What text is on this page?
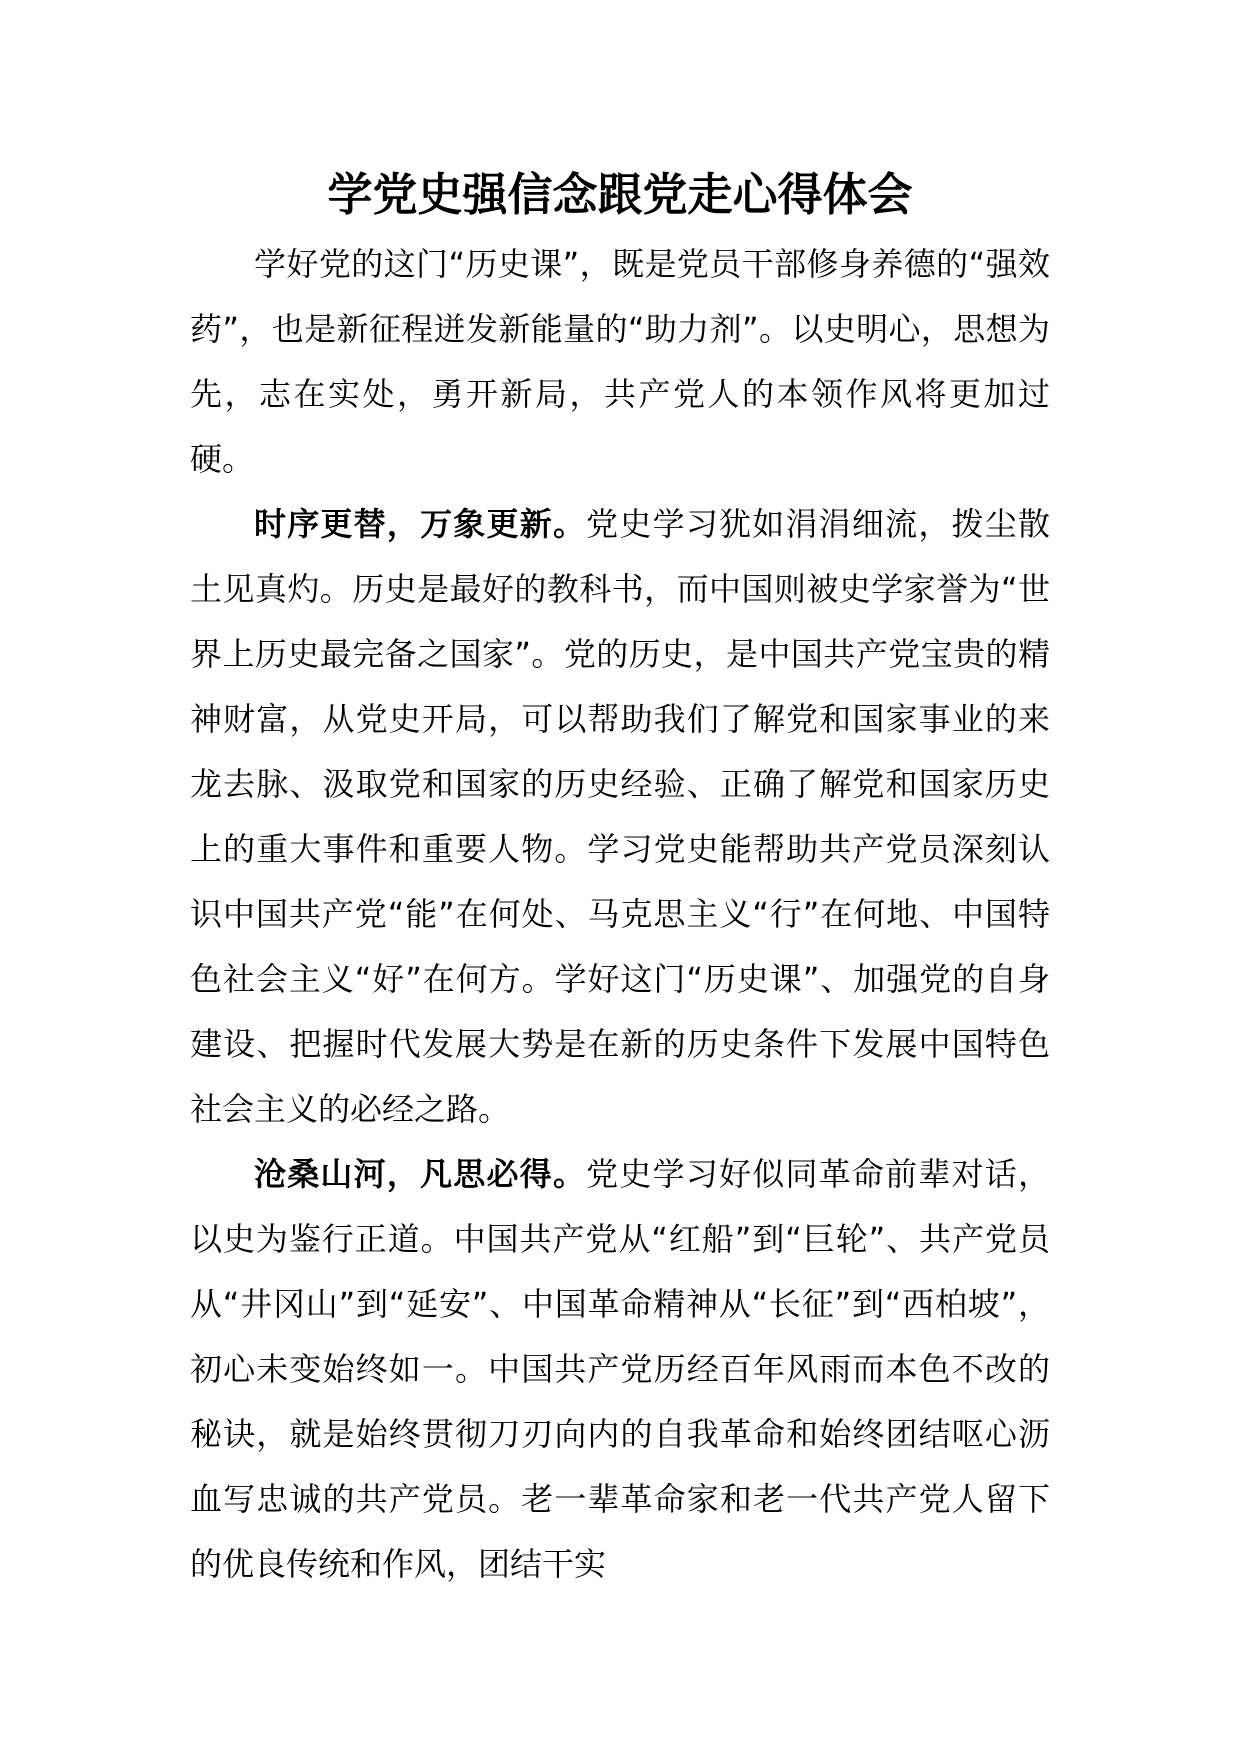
学党史强信念跟党走心得体会

学好党的这门“历史课”，既是党员干部修身养德的“强效药”，也是新征程迸发新能量的“助力剂”。以史明心，思想为先，志在实处，勇开新局，共产党人的本领作风将更加过硬。

时序更替，万象更新。党史学习犹如涓涓细流，拨尘散土见真灼。历史是最好的教科书，而中国则被史学家誉为“世界上历史最完备之国家”。党的历史，是中国共产党宝贵的精神财富，从党史开局，可以帮助我们了解党和国家事业的来龙去脉、汲取党和国家的历史经验、正确了解党和国家历史上的重大事件和重要人物。学习党史能帮助共产党员深刻认识中国共产党“能”在何处、马克思主义“行”在何地、中国特色社会主义“好”在何方。学好这门“历史课”、加强党的自身建设、把握时代发展大势是在新的历史条件下发展中国特色社会主义的必经之路。

沧桑山河，凡思必得。党史学习好似同革命前辈对话，以史为鉴行正道。中国共产党从“红船”到“巨轮”、共产党员从“井冈山”到“延安”、中国革命精神从“长征”到“西柏坡”，初心未变始终如一。中国共产党历经百年风雨而本色不改的秘诀，就是始终贯彻刀刃向内的自我革命和始终团结呕心沥血写忠诚的共产党员。老一辈革命家和老一代共产党人留下的优良传统和作风，团结干实
